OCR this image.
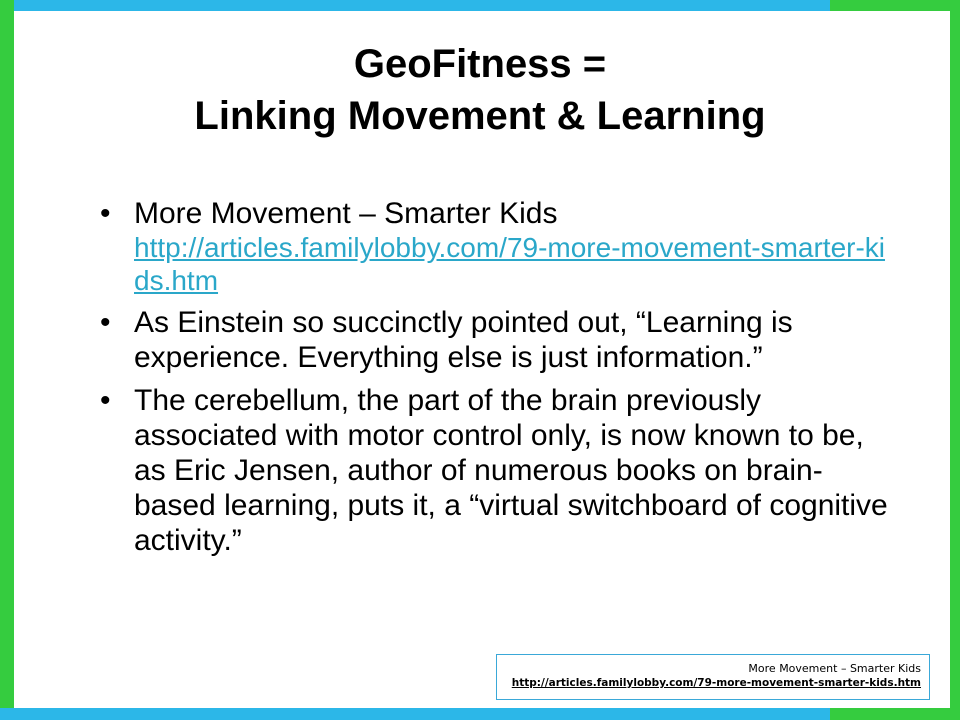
GeoFitness =
Linking Movement & Learning
• More Movement – Smarter Kids
http://articles.familylobby.com/79-more-movement-smarter-kids.htm
• As Einstein so succinctly pointed out, “Learning is experience. Everything else is just information.”
• The cerebellum, the part of the brain previously associated with motor control only, is now known to be, as Eric Jensen, author of numerous books on brain-based learning, puts it, a “virtual switchboard of cognitive activity.”
More Movement – Smarter Kids
http://articles.familylobby.com/79-more-movement-smarter-kids.htm
